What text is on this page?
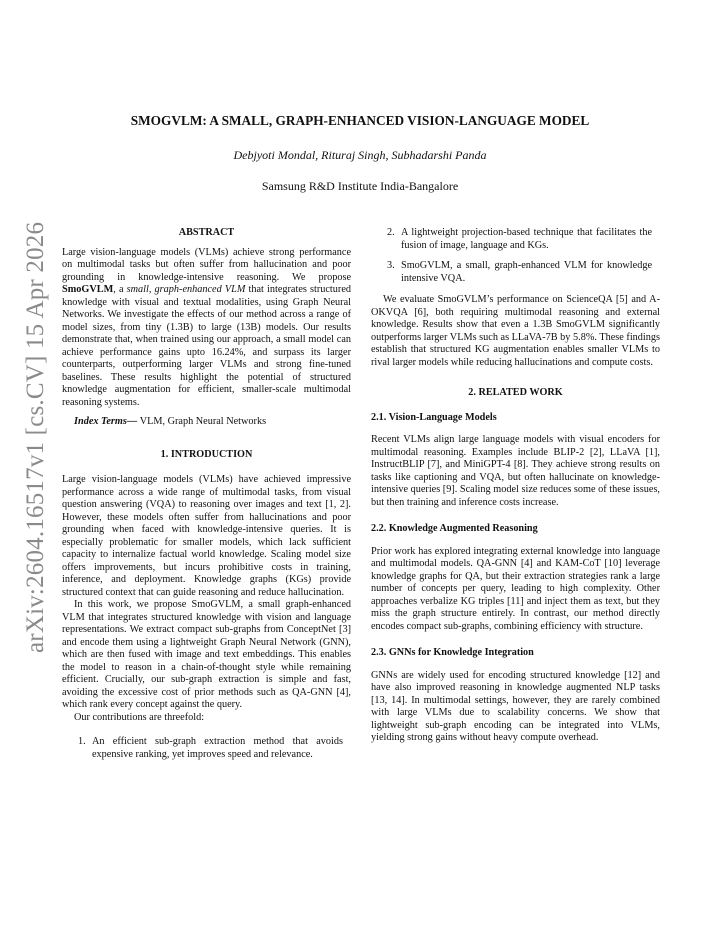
arXiv:2604.16517v1 [cs.CV] 15 Apr 2026
SMOGVLM: A SMALL, GRAPH-ENHANCED VISION-LANGUAGE MODEL
Debjyoti Mondal, Rituraj Singh, Subhadarshi Panda
Samsung R&D Institute India-Bangalore
ABSTRACT

Large vision-language models (VLMs) achieve strong performance on multimodal tasks but often suffer from hallucination and poor grounding in knowledge-intensive reasoning. We propose SmoGVLM, a small, graph-enhanced VLM that integrates structured knowledge with visual and textual modalities, using Graph Neural Networks. We investigate the effects of our method across a range of model sizes, from tiny (1.3B) to large (13B) models. Our results demonstrate that, when trained using our approach, a small model can achieve performance gains upto 16.24%, and surpass its larger counterparts, outperforming larger VLMs and strong fine-tuned baselines. These results highlight the potential of structured knowledge augmentation for efficient, smaller-scale multimodal reasoning systems.

Index Terms— VLM, Graph Neural Networks

1. INTRODUCTION

Large vision-language models (VLMs) have achieved impressive performance across a wide range of multimodal tasks, from visual question answering (VQA) to reasoning over images and text [1, 2]. However, these models often suffer from hallucinations and poor grounding when faced with knowledge-intensive queries. It is especially problematic for smaller models, which lack sufficient capacity to internalize factual world knowledge. Scaling model size offers improvements, but incurs prohibitive costs in training, inference, and deployment. Knowledge graphs (KGs) provide structured context that can guide reasoning and reduce hallucination.

In this work, we propose SmoGVLM, a small graph-enhanced VLM that integrates structured knowledge with vision and language representations. We extract compact sub-graphs from ConceptNet [3] and encode them using a lightweight Graph Neural Network (GNN), which are then fused with image and text embeddings. This enables the model to reason in a chain-of-thought style while remaining efficient. Crucially, our sub-graph extraction is simple and fast, avoiding the excessive cost of prior methods such as QA-GNN [4], which rank every concept against the query.

Our contributions are threefold:

1. An efficient sub-graph extraction method that avoids expensive ranking, yet improves speed and relevance.
2. A lightweight projection-based technique that facilitates the fusion of image, language and KGs.
3. SmoGVLM, a small, graph-enhanced VLM for knowledge intensive VQA.

We evaluate SmoGVLM’s performance on ScienceQA [5] and A-OKVQA [6], both requiring multimodal reasoning and external knowledge. Results show that even a 1.3B SmoGVLM significantly outperforms larger VLMs such as LLaVA-7B by 5.8%. These findings establish that structured KG augmentation enables smaller VLMs to rival larger models while reducing hallucinations and compute costs.

2. RELATED WORK
2.1. Vision-Language Models

Recent VLMs align large language models with visual encoders for multimodal reasoning. Examples include BLIP-2 [2], LLaVA [1], InstructBLIP [7], and MiniGPT-4 [8]. They achieve strong results on tasks like captioning and VQA, but often hallucinate on knowledge-intensive queries [9]. Scaling model size reduces some of these issues, but then training and inference costs increase.

2.2. Knowledge Augmented Reasoning

Prior work has explored integrating external knowledge into language and multimodal models. QA-GNN [4] and KAM-CoT [10] leverage knowledge graphs for QA, but their extraction strategies rank a large number of concepts per query, leading to high complexity. Other approaches verbalize KG triples [11] and inject them as text, but they miss the graph structure entirely. In contrast, our method directly encodes compact sub-graphs, combining efficiency with structure.

2.3. GNNs for Knowledge Integration

GNNs are widely used for encoding structured knowledge [12] and have also improved reasoning in knowledge augmented NLP tasks [13, 14]. In multimodal settings, however, they are rarely combined with large VLMs due to scalability concerns. We show that lightweight sub-graph encoding can be integrated into VLMs, yielding strong gains without heavy compute overhead.
